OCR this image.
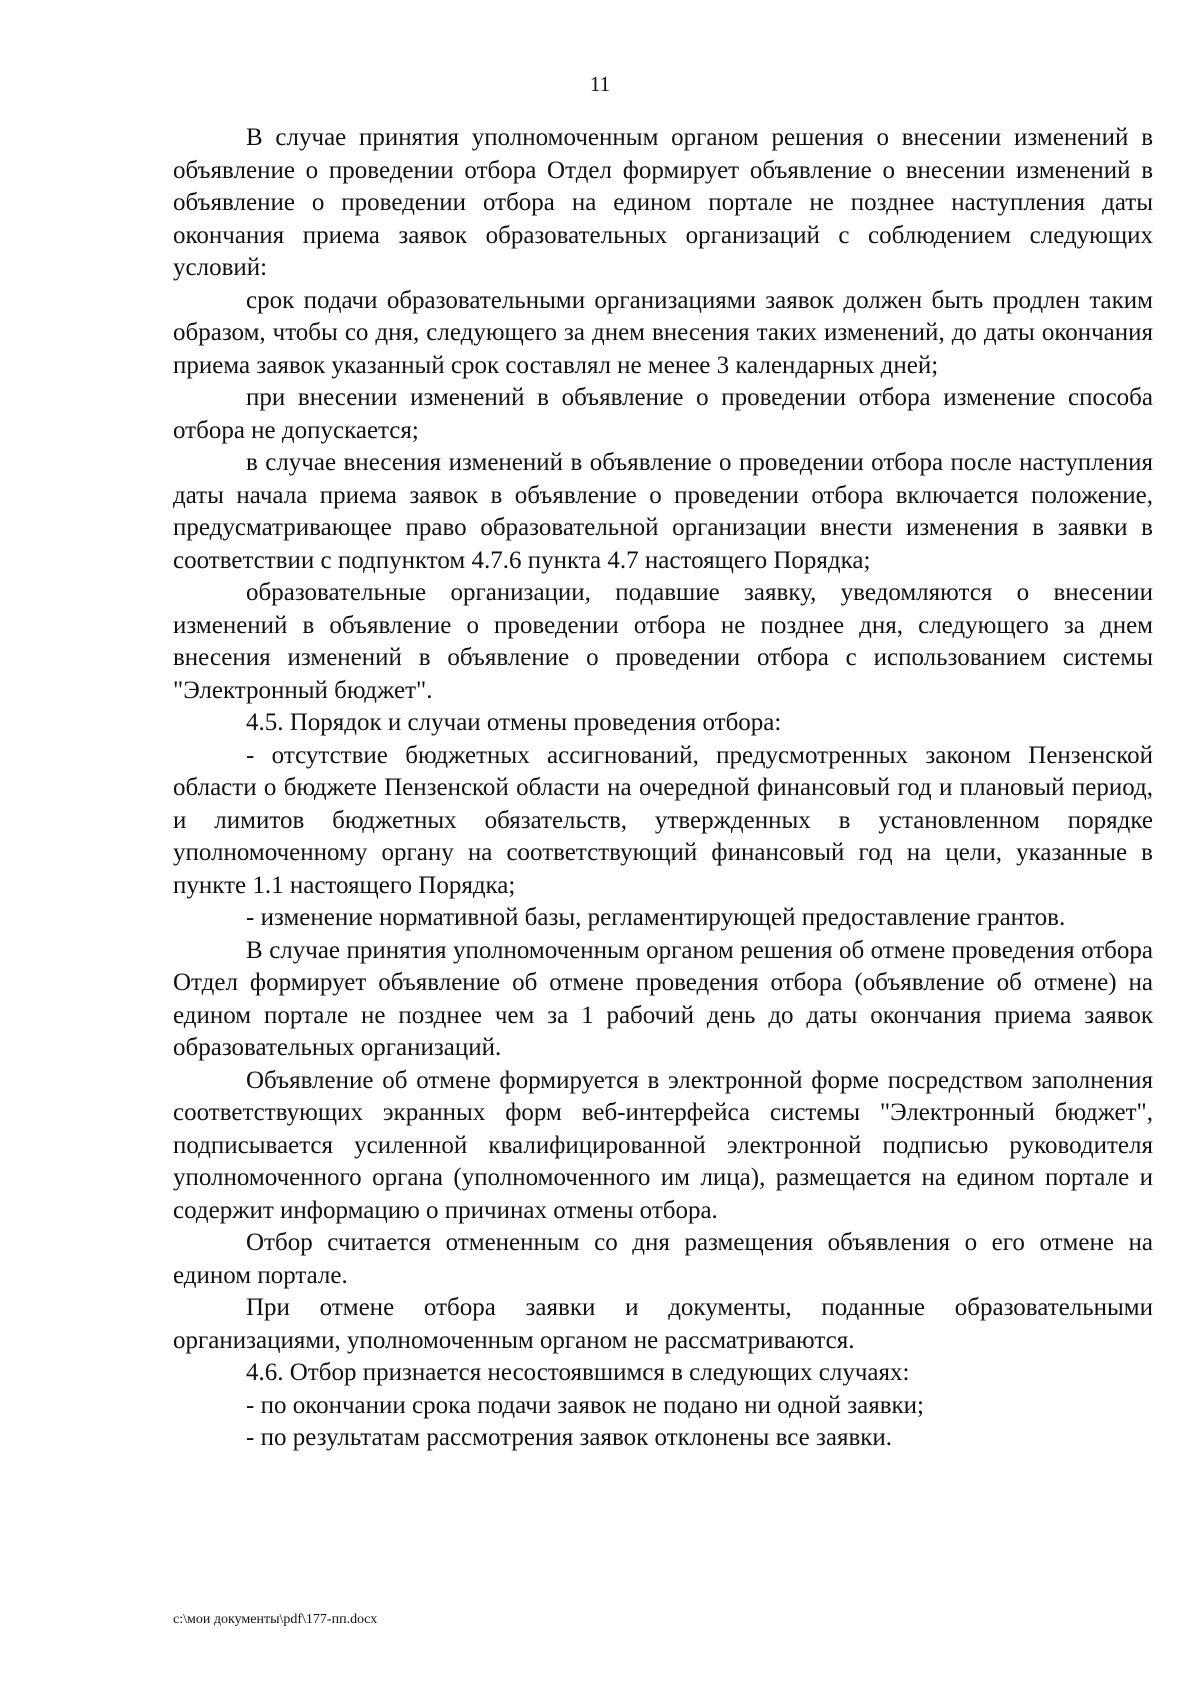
11

В случае принятия уполномоченным органом решения о внесении изменений в объявление о проведении отбора Отдел формирует объявление о внесении изменений в объявление о проведении отбора на едином портале не позднее наступления даты окончания приема заявок образовательных организаций с соблюдением следующих условий:

срок подачи образовательными организациями заявок должен быть продлен таким образом, чтобы со дня, следующего за днем внесения таких изменений, до даты окончания приема заявок указанный срок составлял не менее 3 календарных дней;

при внесении изменений в объявление о проведении отбора изменение способа отбора не допускается;

в случае внесения изменений в объявление о проведении отбора после наступления даты начала приема заявок в объявление о проведении отбора включается положение, предусматривающее право образовательной организации внести изменения в заявки в соответствии с подпунктом 4.7.6 пункта 4.7 настоящего Порядка;

образовательные организации, подавшие заявку, уведомляются о внесении изменений в объявление о проведении отбора не позднее дня, следующего за днем внесения изменений в объявление о проведении отбора с использованием системы "Электронный бюджет".

4.5. Порядок и случаи отмены проведения отбора:

- отсутствие бюджетных ассигнований, предусмотренных законом Пензенской области о бюджете Пензенской области на очередной финансовый год и плановый период, и лимитов бюджетных обязательств, утвержденных в установленном порядке уполномоченному органу на соответствующий финансовый год на цели, указанные в пункте 1.1 настоящего Порядка;

- изменение нормативной базы, регламентирующей предоставление грантов.

В случае принятия уполномоченным органом решения об отмене проведения отбора Отдел формирует объявление об отмене проведения отбора (объявление об отмене) на едином портале не позднее чем за 1 рабочий день до даты окончания приема заявок образовательных организаций.

Объявление об отмене формируется в электронной форме посредством заполнения соответствующих экранных форм веб-интерфейса системы "Электронный бюджет", подписывается усиленной квалифицированной электронной подписью руководителя уполномоченного органа (уполномоченного им лица), размещается на едином портале и содержит информацию о причинах отмены отбора.

Отбор считается отмененным со дня размещения объявления о его отмене на едином портале.

При отмене отбора заявки и документы, поданные образовательными организациями, уполномоченным органом не рассматриваются.

4.6. Отбор признается несостоявшимся в следующих случаях:

- по окончании срока подачи заявок не подано ни одной заявки;

- по результатам рассмотрения заявок отклонены все заявки.

c:\мои документы\pdf\177-пп.docx
